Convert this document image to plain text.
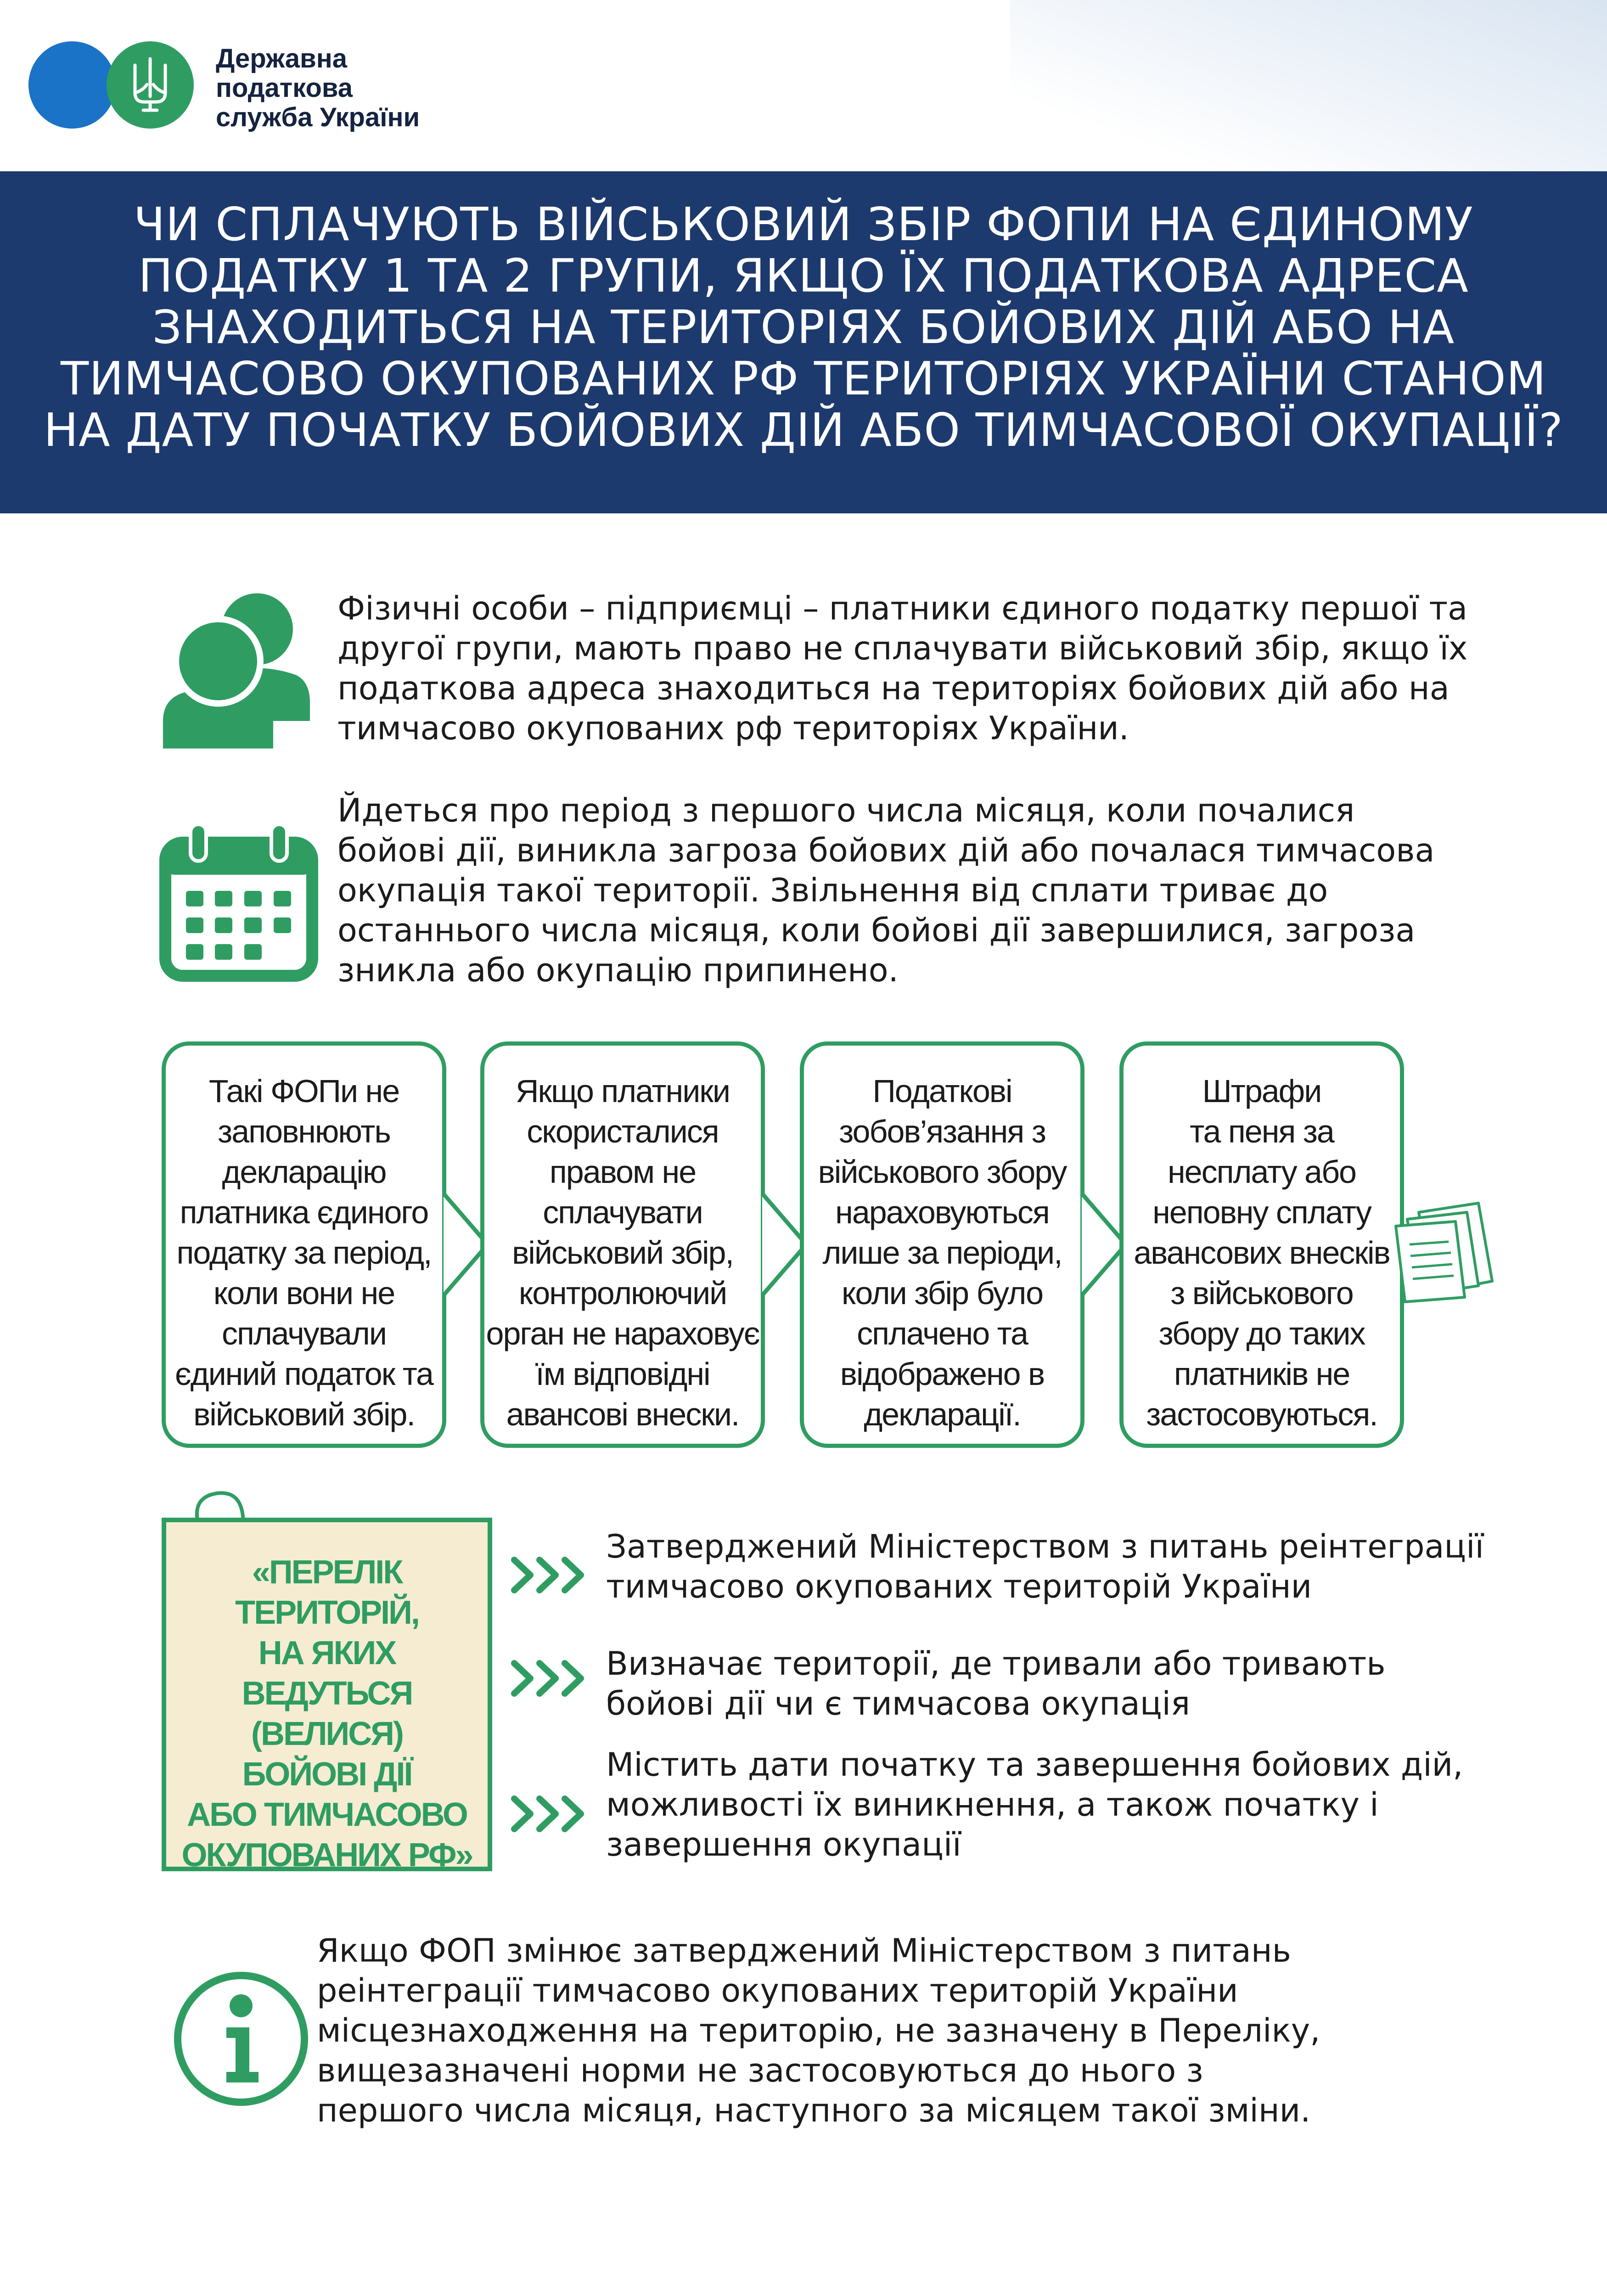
Державна
податкова
служба України
ЧИ СПЛАЧУЮТЬ ВІЙСЬКОВИЙ ЗБІР ФОПИ НА ЄДИНОМУ
ПОДАТКУ 1 ТА 2 ГРУПИ, ЯКЩО ЇХ ПОДАТКОВА АДРЕСА
ЗНАХОДИТЬСЯ НА ТЕРИТОРІЯХ БОЙОВИХ ДІЙ АБО НА
ТИМЧАСОВО ОКУПОВАНИХ РФ ТЕРИТОРІЯХ УКРАЇНИ СТАНОМ
НА ДАТУ ПОЧАТКУ БОЙОВИХ ДІЙ АБО ТИМЧАСОВОЇ ОКУПАЦІЇ?
Фізичні особи – підприємці – платники єдиного податку першої та
другої групи, мають право не сплачувати військовий збір, якщо їх
податкова адреса знаходиться на територіях бойових дій або на
тимчасово окупованих рф територіях України.
Йдеться про період з першого числа місяця, коли почалися
бойові дії, виникла загроза бойових дій або почалася тимчасова
окупація такої території. Звільнення від сплати триває до
останнього числа місяця, коли бойові дії завершилися, загроза
зникла або окупацію припинено.
Такі ФОПи не
заповнюють
декларацію
платника єдиного
податку за період,
коли вони не
сплачували
єдиний податок та
військовий збір.
Якщо платники
скористалися
правом не
сплачувати
військовий збір,
контролюючий
орган не нараховує
їм відповідні
авансові внески.
Податкові
зобов’язання з
військового збору
нараховуються
лише за періоди,
коли збір було
сплачено та
відображено в
декларації.
Штрафи
та пеня за
несплату або
неповну сплату
авансових внесків
з військового
збору до таких
платників не
застосовуються.
«ПЕРЕЛІК
ТЕРИТОРІЙ,
НА ЯКИХ
ВЕДУТЬСЯ
(ВЕЛИСЯ)
БОЙОВІ ДІЇ
АБО ТИМЧАСОВО
ОКУПОВАНИХ РФ»
Затверджений Міністерством з питань реінтеграції
тимчасово окупованих територій України
Визначає території, де тривали або тривають
бойові дії чи є тимчасова окупація
Містить дати початку та завершення бойових дій,
можливості їх виникнення, а також початку і
завершення окупації
Якщо ФОП змінює затверджений Міністерством з питань
реінтеграції тимчасово окупованих територій України
місцезнаходження на територію, не зазначену в Переліку,
вищезазначені норми не застосовуються до нього з
першого числа місяця, наступного за місяцем такої зміни.
